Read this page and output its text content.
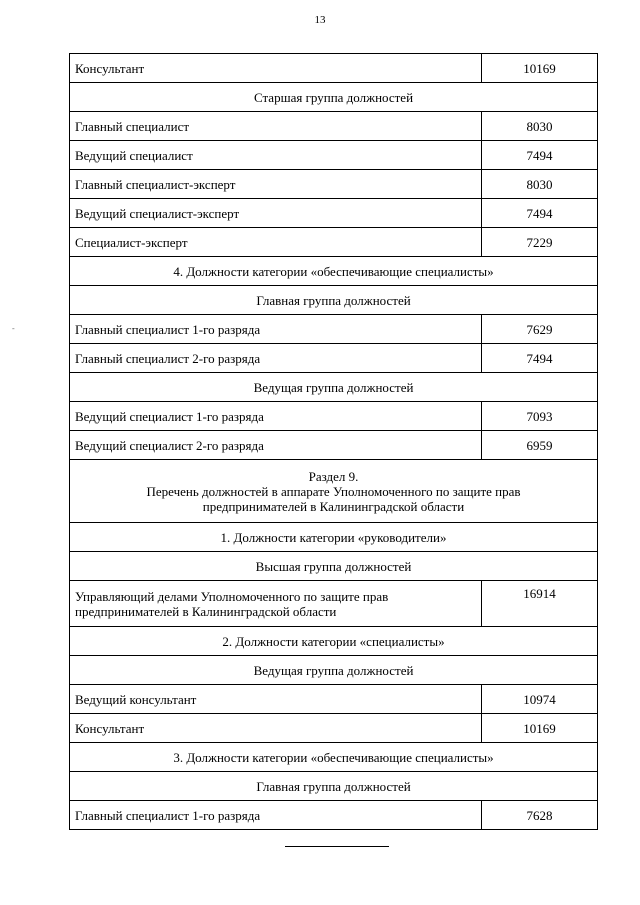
13
-
Консультант	10169
Старшая группа должностей	
Главный специалист	8030
Ведущий специалист	7494
Главный специалист-эксперт	8030
Ведущий специалист-эксперт	7494
Специалист-эксперт	7229
4. Должности категории «обеспечивающие специалисты»	
Главная группа должностей	
Главный специалист 1-го разряда	7629
Главный специалист 2-го разряда	7494
Ведущая группа должностей	
Ведущий специалист 1-го разряда	7093
Ведущий специалист 2-го разряда	6959

Раздел 9.
Перечень должностей в аппарате Уполномоченного по защите прав
предпринимателей в Калининградской области	

1. Должности категории «руководители»	
Высшая группа должностей	
Управляющий делами Уполномоченного по защите прав предпринимателей в Калининградской области	16914
2. Должности категории «специалисты»	
Ведущая группа должностей	
Ведущий консультант	10974
Консультант	10169
3. Должности категории «обеспечивающие специалисты»	
Главная группа должностей	
Главный специалист 1-го разряда	7628
